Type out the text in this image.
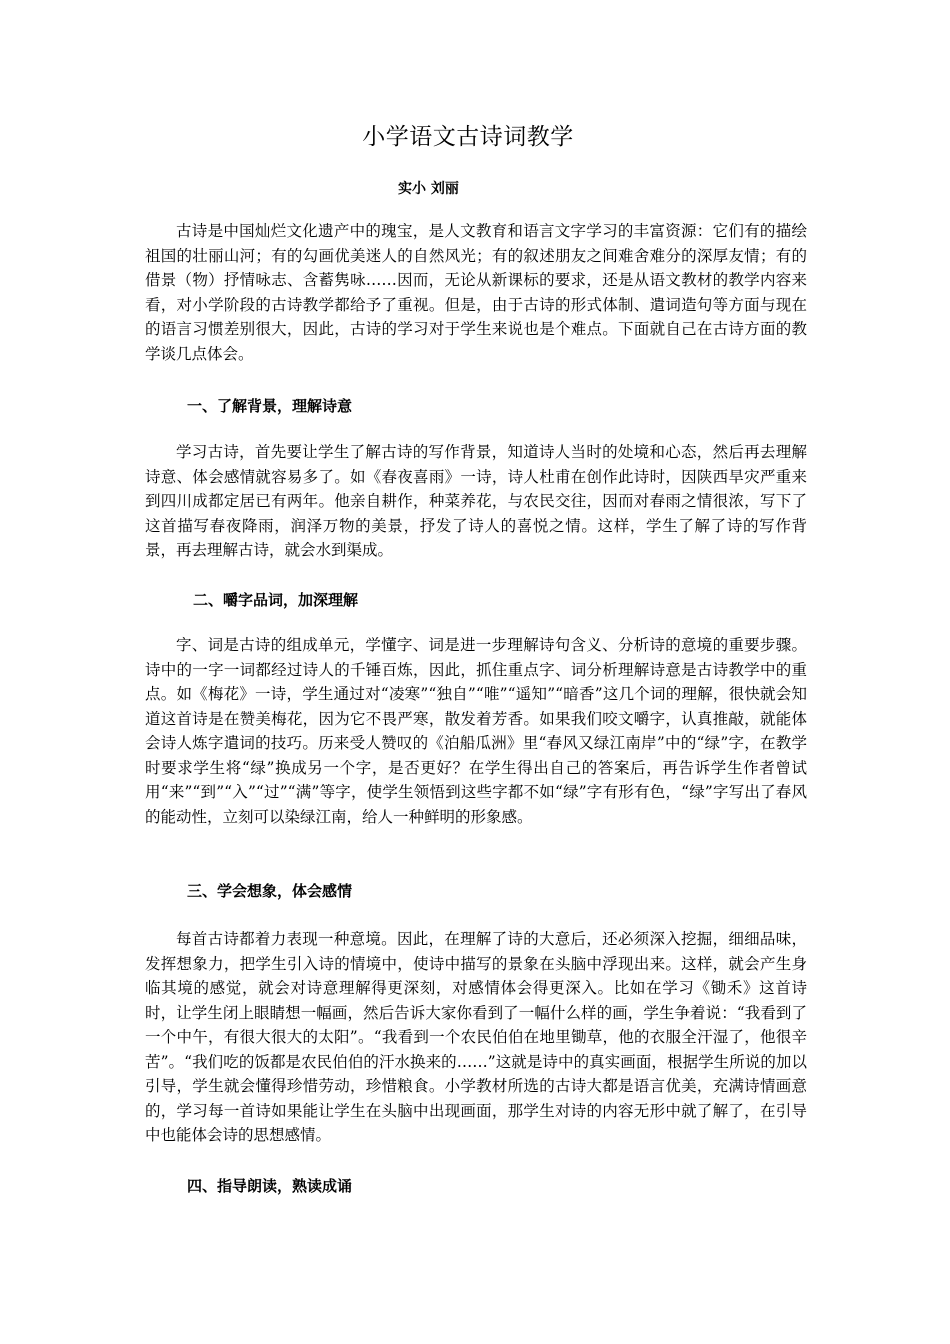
小学语文古诗词教学
实小 刘丽

古诗是中国灿烂文化遗产中的瑰宝，是人文教育和语言文字学习的丰富资源：它们有的描绘祖国的壮丽山河；有的勾画优美迷人的自然风光；有的叙述朋友之间难舍难分的深厚友情；有的借景（物）抒情咏志、含蓄隽咏……因而，无论从新课标的要求，还是从语文教材的教学内容来看，对小学阶段的古诗教学都给予了重视。但是，由于古诗的形式体制、遣词造句等方面与现在的语言习惯差别很大，因此，古诗的学习对于学生来说也是个难点。下面就自己在古诗方面的教学谈几点体会。

一、了解背景，理解诗意

学习古诗，首先要让学生了解古诗的写作背景，知道诗人当时的处境和心态，然后再去理解诗意、体会感情就容易多了。如《春夜喜雨》一诗，诗人杜甫在创作此诗时，因陕西旱灾严重来到四川成都定居已有两年。他亲自耕作，种菜养花，与农民交往，因而对春雨之情很浓，写下了这首描写春夜降雨，润泽万物的美景，抒发了诗人的喜悦之情。这样，学生了解了诗的写作背景，再去理解古诗，就会水到渠成。

二、嚼字品词，加深理解

字、词是古诗的组成单元，学懂字、词是进一步理解诗句含义、分析诗的意境的重要步骤。诗中的一字一词都经过诗人的千锤百炼，因此，抓住重点字、词分析理解诗意是古诗教学中的重点。如《梅花》一诗，学生通过对“凌寒”“独自”“唯”“遥知”“暗香”这几个词的理解，很快就会知道这首诗是在赞美梅花，因为它不畏严寒，散发着芳香。如果我们咬文嚼字，认真推敲，就能体会诗人炼字遣词的技巧。历来受人赞叹的《泊船瓜洲》里“春风又绿江南岸”中的“绿”字，在教学时要求学生将“绿”换成另一个字，是否更好？在学生得出自己的答案后，再告诉学生作者曾试用“来”“到”“入”“过”“满”等字，使学生领悟到这些字都不如“绿”字有形有色，“绿”字写出了春风的能动性，立刻可以染绿江南，给人一种鲜明的形象感。

三、学会想象，体会感情

每首古诗都着力表现一种意境。因此，在理解了诗的大意后，还必须深入挖掘，细细品味，发挥想象力，把学生引入诗的情境中，使诗中描写的景象在头脑中浮现出来。这样，就会产生身临其境的感觉，就会对诗意理解得更深刻，对感情体会得更深入。比如在学习《锄禾》这首诗时，让学生闭上眼睛想一幅画，然后告诉大家你看到了一幅什么样的画，学生争着说：“我看到了一个中午，有很大很大的太阳”。“我看到一个农民伯伯在地里锄草，他的衣服全汗湿了，他很辛苦”。“我们吃的饭都是农民伯伯的汗水换来的……”这就是诗中的真实画面，根据学生所说的加以引导，学生就会懂得珍惜劳动，珍惜粮食。小学教材所选的古诗大都是语言优美，充满诗情画意的，学习每一首诗如果能让学生在头脑中出现画面，那学生对诗的内容无形中就了解了，在引导中也能体会诗的思想感情。

四、指导朗读，熟读成诵
